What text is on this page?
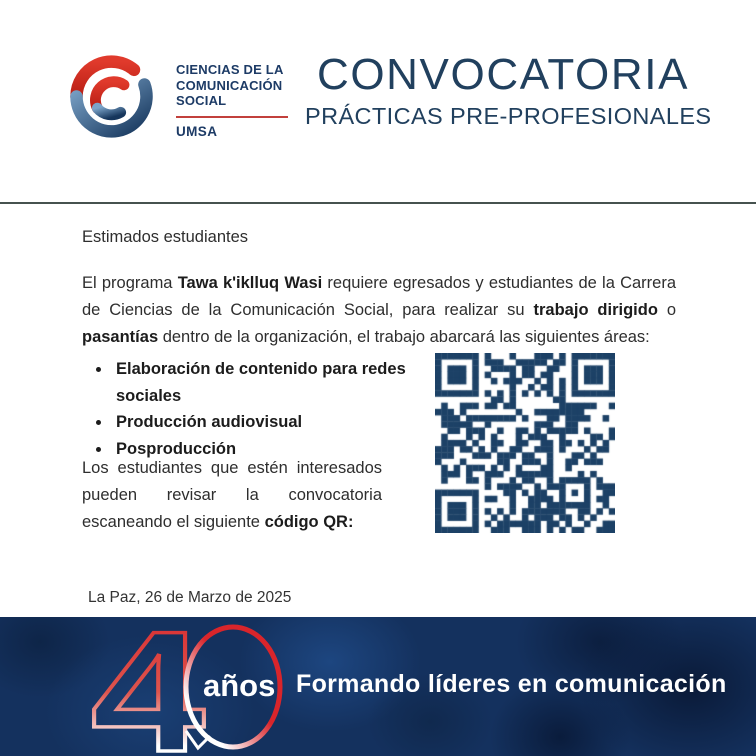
CIENCIAS DE LA
COMUNICACIÓN
SOCIAL
UMSA
CONVOCATORIA
PRÁCTICAS PRE-PROFESIONALES
Estimados estudiantes

El programa Tawa k'iklluq Wasi requiere egresados y estudiantes de la Carrera de Ciencias de la Comunicación Social, para realizar su trabajo dirigido o pasantías dentro de la organización, el trabajo abarcará las siguientes áreas:

• Elaboración de contenido para redes sociales
• Producción audiovisual
• Posproducción

Los estudiantes que estén interesados pueden revisar la convocatoria escaneando el siguiente código QR:

La Paz, 26 de Marzo de 2025
4
años Formando líderes en comunicación
